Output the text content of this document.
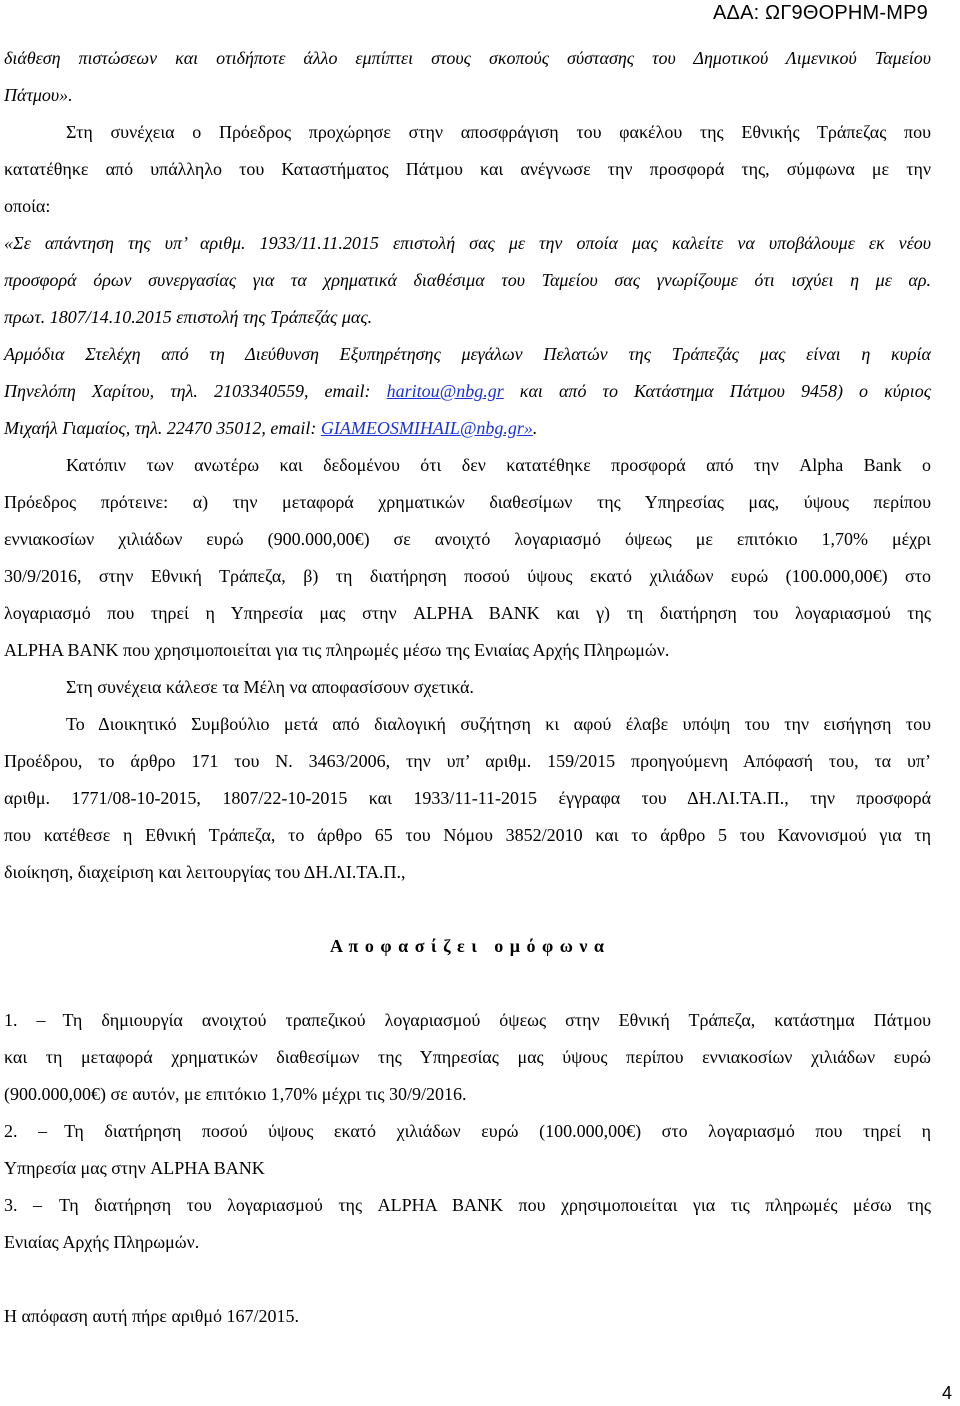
ΑΔΑ: ΩΓ9ΘΟΡΗΜ-ΜΡ9
διάθεση πιστώσεων και οτιδήποτε άλλο εμπίπτει στους σκοπούς σύστασης του Δημοτικού Λιμενικού Ταμείου
Πάτμου».
Στη συνέχεια ο Πρόεδρος προχώρησε στην αποσφράγιση του φακέλου της Εθνικής Τράπεζας που
κατατέθηκε από υπάλληλο του Καταστήματος Πάτμου και ανέγνωσε την προσφορά της, σύμφωνα με την
οποία:
«Σε απάντηση της υπ’ αριθμ. 1933/11.11.2015 επιστολή σας με την οποία μας καλείτε να υποβάλουμε εκ νέου
προσφορά όρων συνεργασίας για τα χρηματικά διαθέσιμα του Ταμείου σας γνωρίζουμε ότι ισχύει η με αρ.
πρωτ. 1807/14.10.2015 επιστολή της Τράπεζάς μας.
Αρμόδια Στελέχη από τη Διεύθυνση Εξυπηρέτησης μεγάλων Πελατών της Τράπεζάς μας είναι η κυρία
Πηνελόπη Χαρίτου, τηλ. 2103340559, email: haritou@nbg.gr και από το Κατάστημα Πάτμου 9458) ο κύριος
Μιχαήλ Γιαμαίος, τηλ. 22470 35012, email: GIAMEOSMIHAIL@nbg.gr».
Κατόπιν των ανωτέρω και δεδομένου ότι δεν κατατέθηκε προσφορά από την Alpha Bank ο
Πρόεδρος πρότεινε: α) την μεταφορά χρηματικών διαθεσίμων της Υπηρεσίας μας, ύψους περίπου
εννιακοσίων χιλιάδων ευρώ (900.000,00€) σε ανοιχτό λογαριασμό όψεως με επιτόκιο 1,70% μέχρι
30/9/2016, στην Εθνική Τράπεζα, β) τη διατήρηση ποσού ύψους εκατό χιλιάδων ευρώ (100.000,00€) στο
λογαριασμό που τηρεί η Υπηρεσία μας στην ALPHA BANK και γ) τη διατήρηση του λογαριασμού της
ALPHA BANK που χρησιμοποιείται για τις πληρωμές μέσω της Ενιαίας Αρχής Πληρωμών.
Στη συνέχεια κάλεσε τα Μέλη να αποφασίσουν σχετικά.
Το Διοικητικό Συμβούλιο μετά από διαλογική συζήτηση κι αφού έλαβε υπόψη του την εισήγηση του
Προέδρου, το άρθρο 171 του Ν. 3463/2006, την υπ’ αριθμ. 159/2015 προηγούμενη Απόφασή του, τα υπ’
αριθμ. 1771/08-10-2015, 1807/22-10-2015 και 1933/11-11-2015 έγγραφα του ΔΗ.ΛΙ.ΤΑ.Π., την προσφορά
που κατέθεσε η Εθνική Τράπεζα, το άρθρο 65 του Νόμου 3852/2010 και το άρθρο 5 του Κανονισμού για τη
διοίκηση, διαχείριση και λειτουργίας του ΔΗ.ΛΙ.ΤΑ.Π.,
Α π ο φ α σ ί ζ ε ι   ο μ ό φ ω ν α
1. – Τη δημιουργία ανοιχτού τραπεζικού λογαριασμού όψεως στην Εθνική Τράπεζα, κατάστημα Πάτμου
και τη μεταφορά χρηματικών διαθεσίμων της Υπηρεσίας μας ύψους περίπου εννιακοσίων χιλιάδων ευρώ
(900.000,00€) σε αυτόν, με επιτόκιο 1,70% μέχρι τις 30/9/2016.
2. – Τη διατήρηση ποσού ύψους εκατό χιλιάδων ευρώ (100.000,00€) στο λογαριασμό που τηρεί η
Υπηρεσία μας στην ALPHA BANK
3. – Τη διατήρηση του λογαριασμού της ALPHA BANK που χρησιμοποιείται για τις πληρωμές μέσω της
Ενιαίας Αρχής Πληρωμών.
Η απόφαση αυτή πήρε αριθμό 167/2015.
4
